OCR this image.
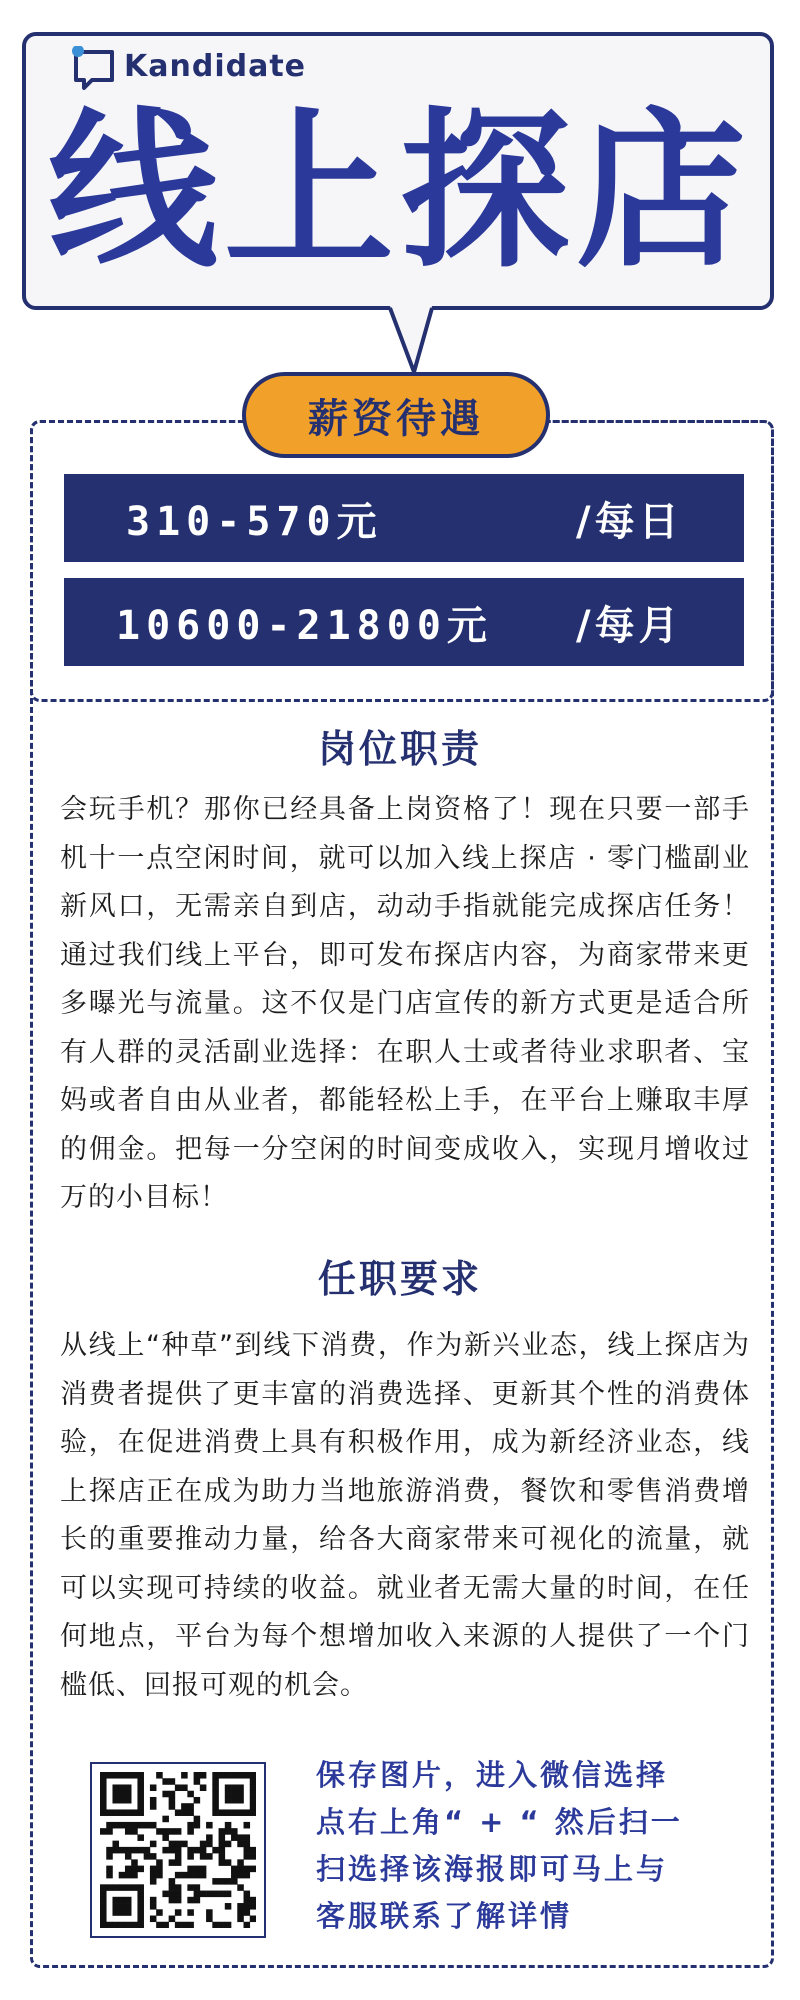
Kandidate
线上探店
薪资待遇
310-570元	/每日
10600-21800元 /每月
岗位职责
会玩手机？那你已经具备上岗资格了！现在只要一部手机十一点空闲时间，就可以加入线上探店 · 零门槛副业新风口，无需亲自到店，动动手指就能完成探店任务！通过我们线上平台，即可发布探店内容，为商家带来更多曝光与流量。这不仅是门店宣传的新方式更是适合所有人群的灵活副业选择：在职人士或者待业求职者、宝妈或者自由从业者，都能轻松上手，在平台上赚取丰厚的佣金。把每一分空闲的时间变成收入，实现月增收过万的小目标！
任职要求
从线上“种草”到线下消费，作为新兴业态，线上探店为消费者提供了更丰富的消费选择、更新其个性的消费体验，在促进消费上具有积极作用，成为新经济业态，线上探店正在成为助力当地旅游消费，餐饮和零售消费增长的重要推动力量，给各大商家带来可视化的流量，就可以实现可持续的收益。就业者无需大量的时间，在任何地点，平台为每个想增加收入来源的人提供了一个门槛低、回报可观的机会。
保存图片，进入微信选择
点右上角“ + “ 然后扫一
扫选择该海报即可马上与
客服联系了解详情
